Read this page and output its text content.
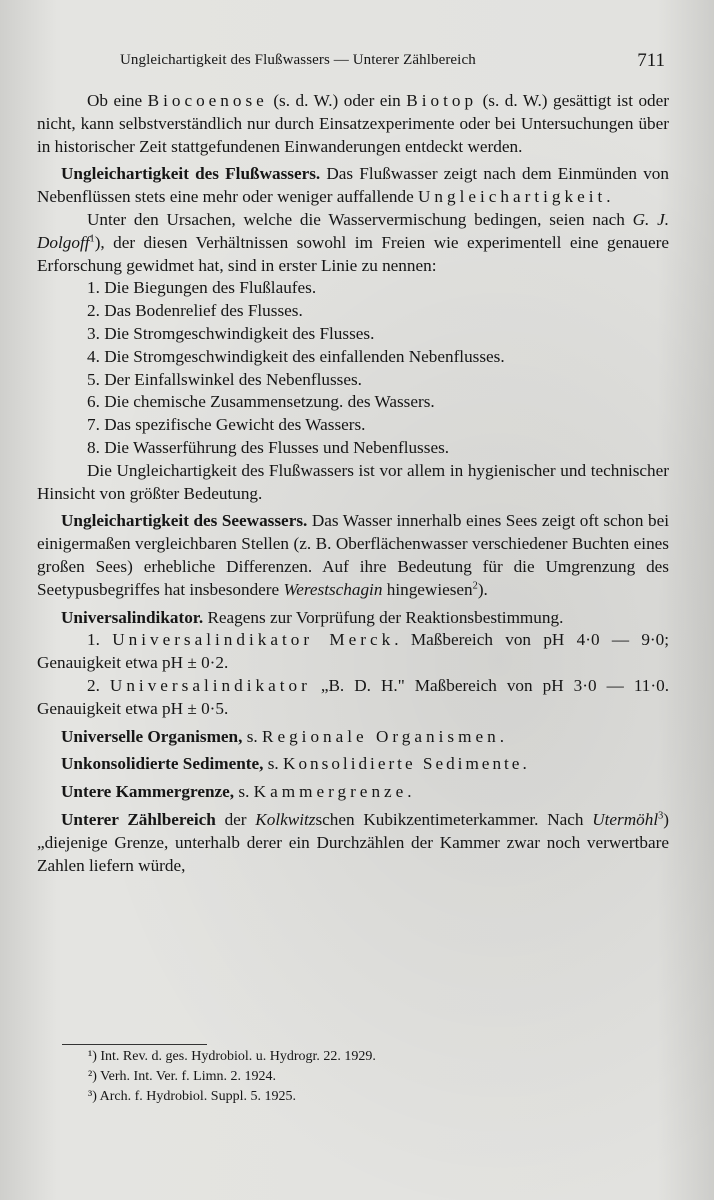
Ungleichartigkeit des Flußwassers — Unterer Zählbereich	711

Ob eine Biocoenose (s. d. W.) oder ein Biotop (s. d. W.) gesättigt ist oder nicht, kann selbstverständlich nur durch Einsatzexperimente oder bei Untersuchungen über in historischer Zeit stattgefundenen Einwanderungen entdeckt werden.

Ungleichartigkeit des Flußwassers. Das Flußwasser zeigt nach dem Einmünden von Nebenflüssen stets eine mehr oder weniger auffallende Ungleichartigkeit.

Unter den Ursachen, welche die Wasservermischung bedingen, seien nach G. J. Dolgoff$^1$), der diesen Verhältnissen sowohl im Freien wie experimentell eine genauere Erforschung gewidmet hat, sind in erster Linie zu nennen:

1. Die Biegungen des Flußlaufes.
2. Das Bodenrelief des Flusses.
3. Die Stromgeschwindigkeit des Flusses.
4. Die Stromgeschwindigkeit des einfallenden Nebenflusses.
5. Der Einfallswinkel des Nebenflusses.
6. Die chemische Zusammensetzung. des Wassers.
7. Das spezifische Gewicht des Wassers.
8. Die Wasserführung des Flusses und Nebenflusses.

Die Ungleichartigkeit des Flußwassers ist vor allem in hygienischer und technischer Hinsicht von größter Bedeutung.

Ungleichartigkeit des Seewassers. Das Wasser innerhalb eines Sees zeigt oft schon bei einigermaßen vergleichbaren Stellen (z. B. Oberflächenwasser verschiedener Buchten eines großen Sees) erhebliche Differenzen. Auf ihre Bedeutung für die Umgrenzung des Seetypusbegriffes hat insbesondere Werestschagin hingewiesen$^2$).

Universalindikator. Reagens zur Vorprüfung der Reaktionsbestimmung.

1. Universalindikator Merck. Maßbereich von pH 4·0 — 9·0; Genauigkeit etwa pH ± 0·2.

2. Universalindikator „B. D. H." Maßbereich von pH 3·0 — 11·0. Genauigkeit etwa pH ± 0·5.

Universelle Organismen, s. Regionale Organismen.

Unkonsolidierte Sedimente, s. Konsolidierte Sedimente.

Untere Kammergrenze, s. Kammergrenze.

Unterer Zählbereich der Kolkwitzschen Kubikzentimeterkammer. Nach Utermöhl$^3$) „diejenige Grenze, unterhalb derer ein Durchzählen der Kammer zwar noch verwertbare Zahlen liefern würde,

¹) Int. Rev. d. ges. Hydrobiol. u. Hydrogr. 22. 1929.
²) Verh. Int. Ver. f. Limn. 2. 1924.
³) Arch. f. Hydrobiol. Suppl. 5. 1925.
